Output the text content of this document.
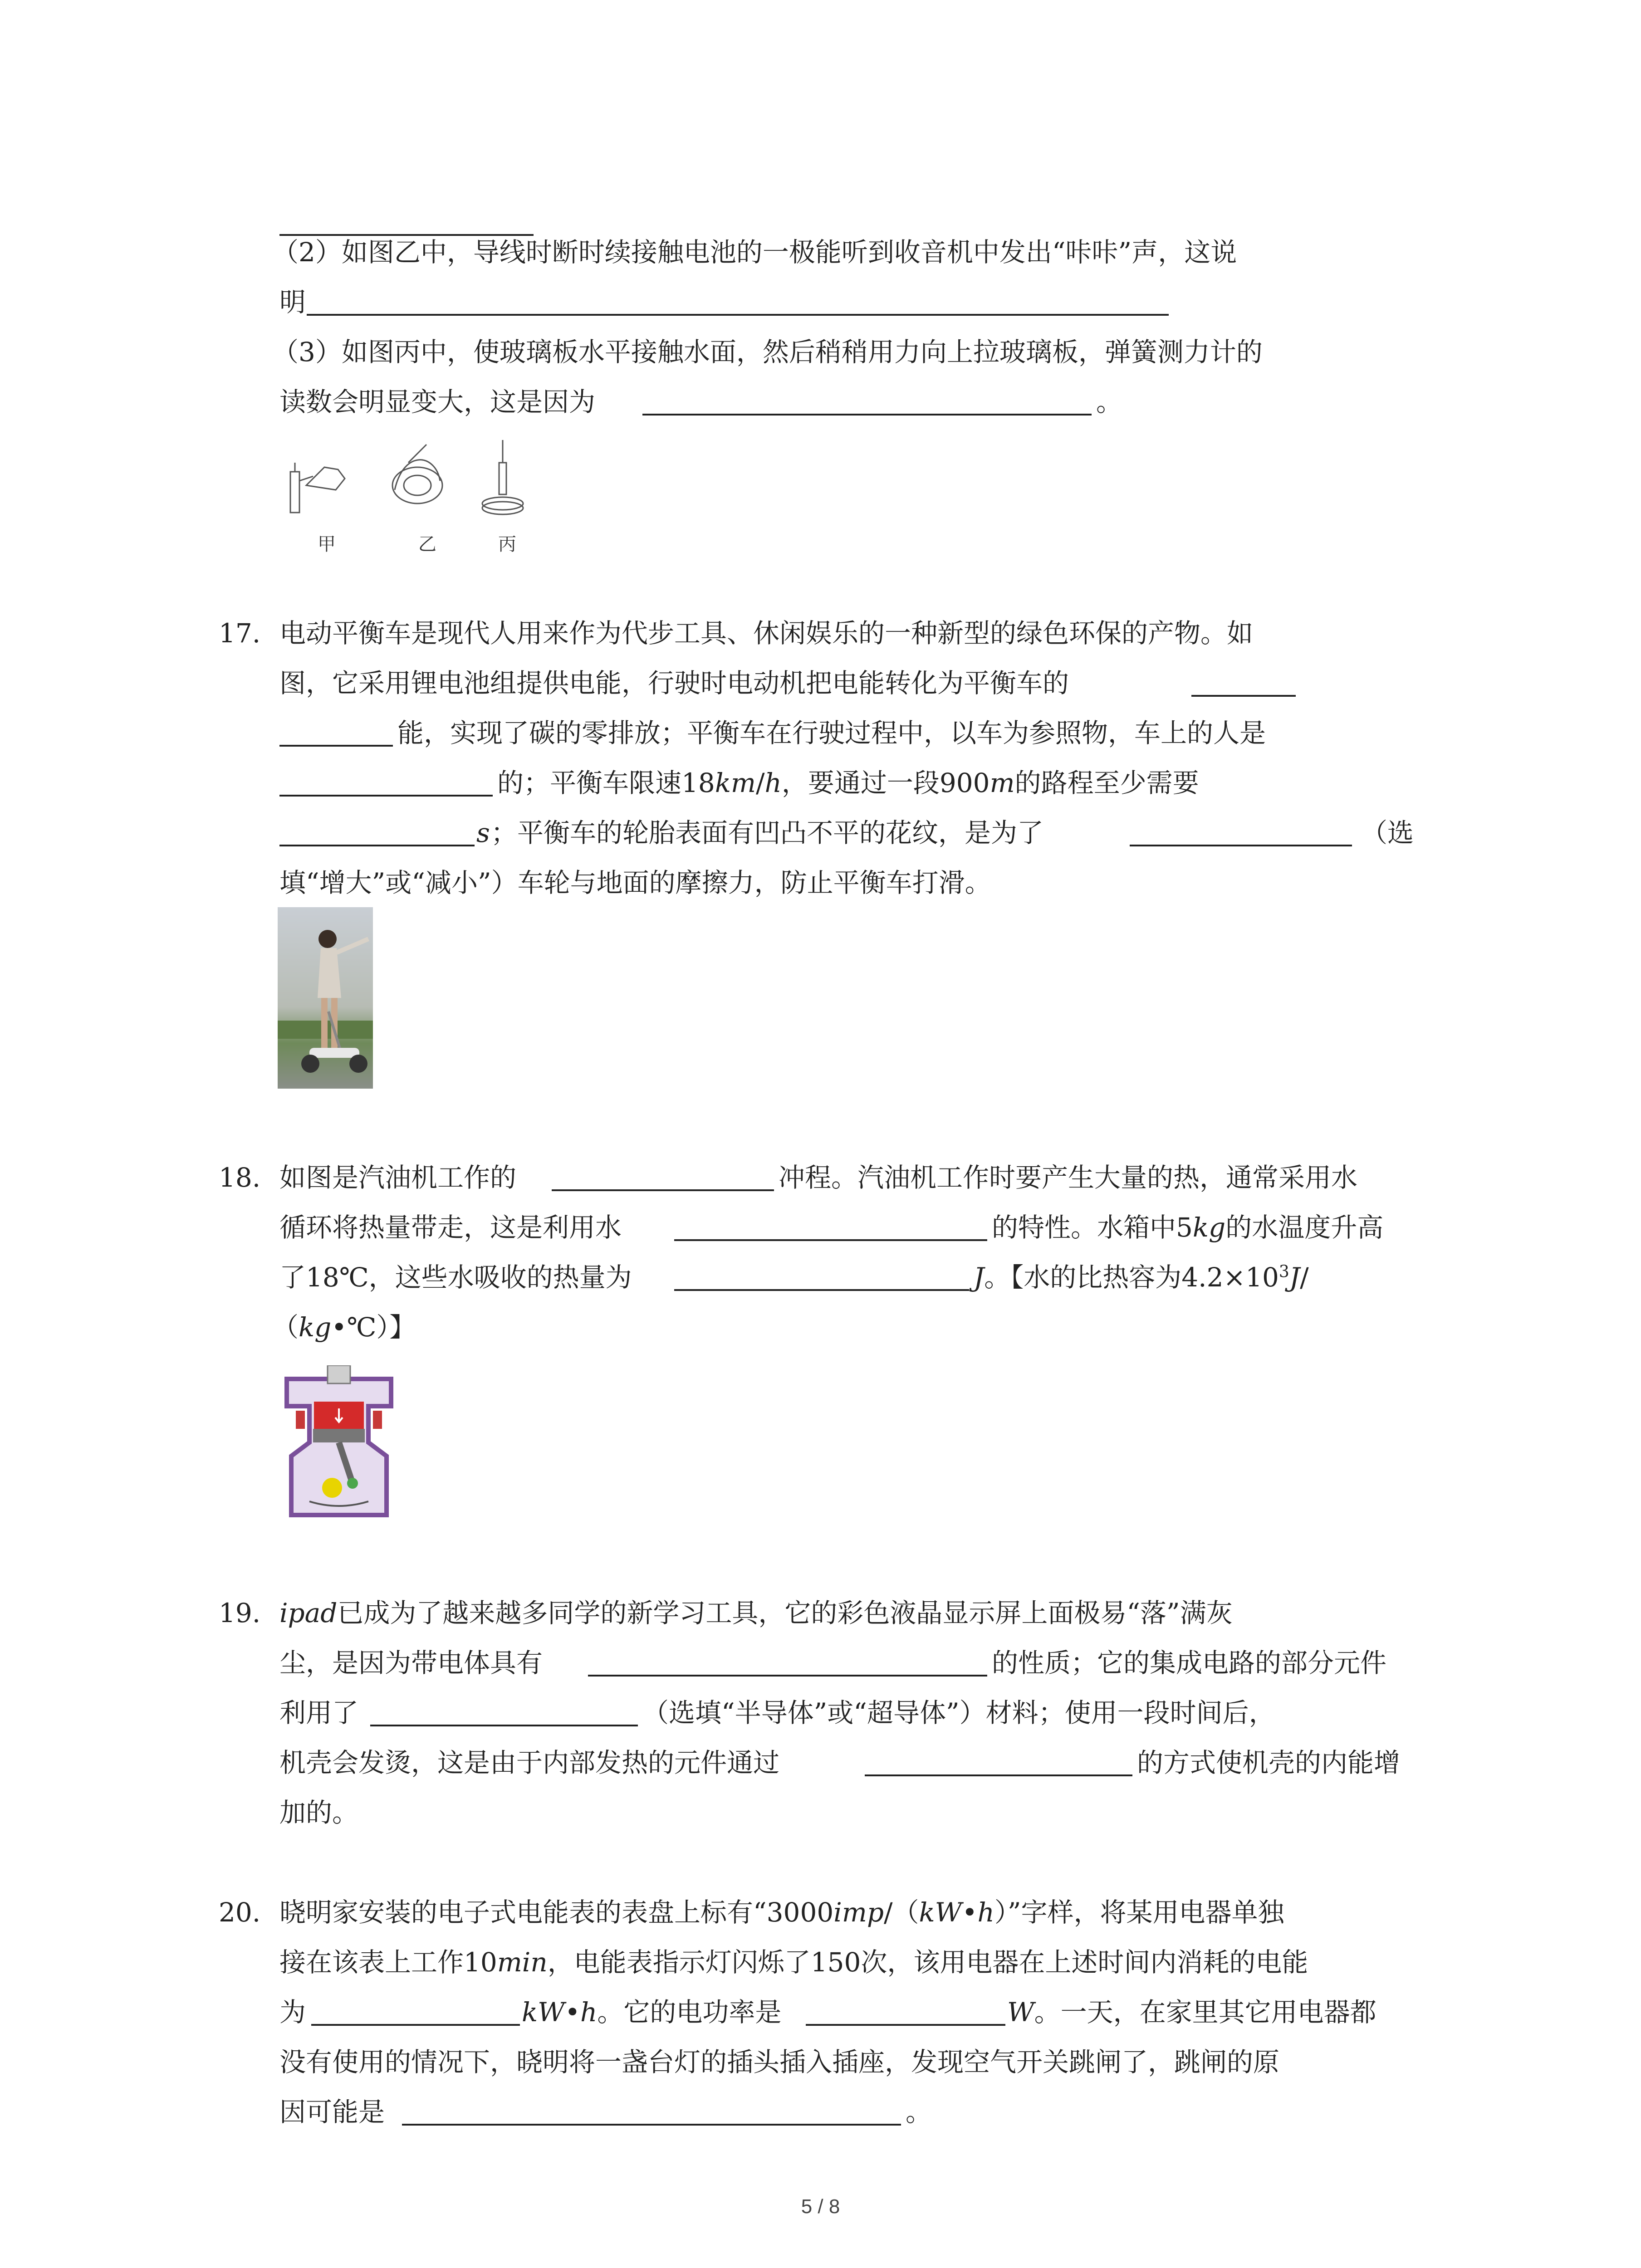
（2）如图乙中，导线时断时续接触电池的一极能听到收音机中发出“咔咔”声，这说
明
（3）如图丙中，使玻璃板水平接触水面，然后稍稍用力向上拉玻璃板，弹簧测力计的
读数会明显变大，这是因为	。
甲	乙	丙
17. 电动平衡车是现代人用来作为代步工具、休闲娱乐的一种新型的绿色环保的产物。如
图，它采用锂电池组提供电能，行驶时电动机把电能转化为平衡车的
能，实现了碳的零排放；平衡车在行驶过程中，以车为参照物，车上的人是
的；平衡车限速18km/h，要通过一段900m的路程至少需要
s ；平衡车的轮胎表面有凹凸不平的花纹，是为了	（选
填“增大”或“减小”）车轮与地面的摩擦力，防止平衡车打滑。
18. 如图是汽油机工作的	冲程。汽油机工作时要产生大量的热，通常采用水
循环将热量带走，这是利用水	的特性。水箱中5kg的水温度升高
了18℃，这些水吸收的热量为	J。【水的比热容为$4.2\times 10^3J/$
（kg•℃）】
19. ipad已成为了越来越多同学的新学习工具，它的彩色液晶显示屏上面极易“落”满灰
尘，是因为带电体具有	的性质；它的集成电路的部分元件
利用了	（选填“半导体”或“超导体”）材料；使用一段时间后，
机壳会发烫，这是由于内部发热的元件通过	的方式使机壳的内能增
加的。
20. 晓明家安装的电子式电能表的表盘上标有“3000imp/（kW•h）”字样，将某用电器单独
接在该表上工作10min，电能表指示灯闪烁了150次，该用电器在上述时间内消耗的电能
为	kW•h。它的电功率是	W。一天，在家里其它用电器都
没有使用的情况下，晓明将一盏台灯的插头插入插座，发现空气开关跳闸了，跳闸的原
因可能是	。
5 / 8
